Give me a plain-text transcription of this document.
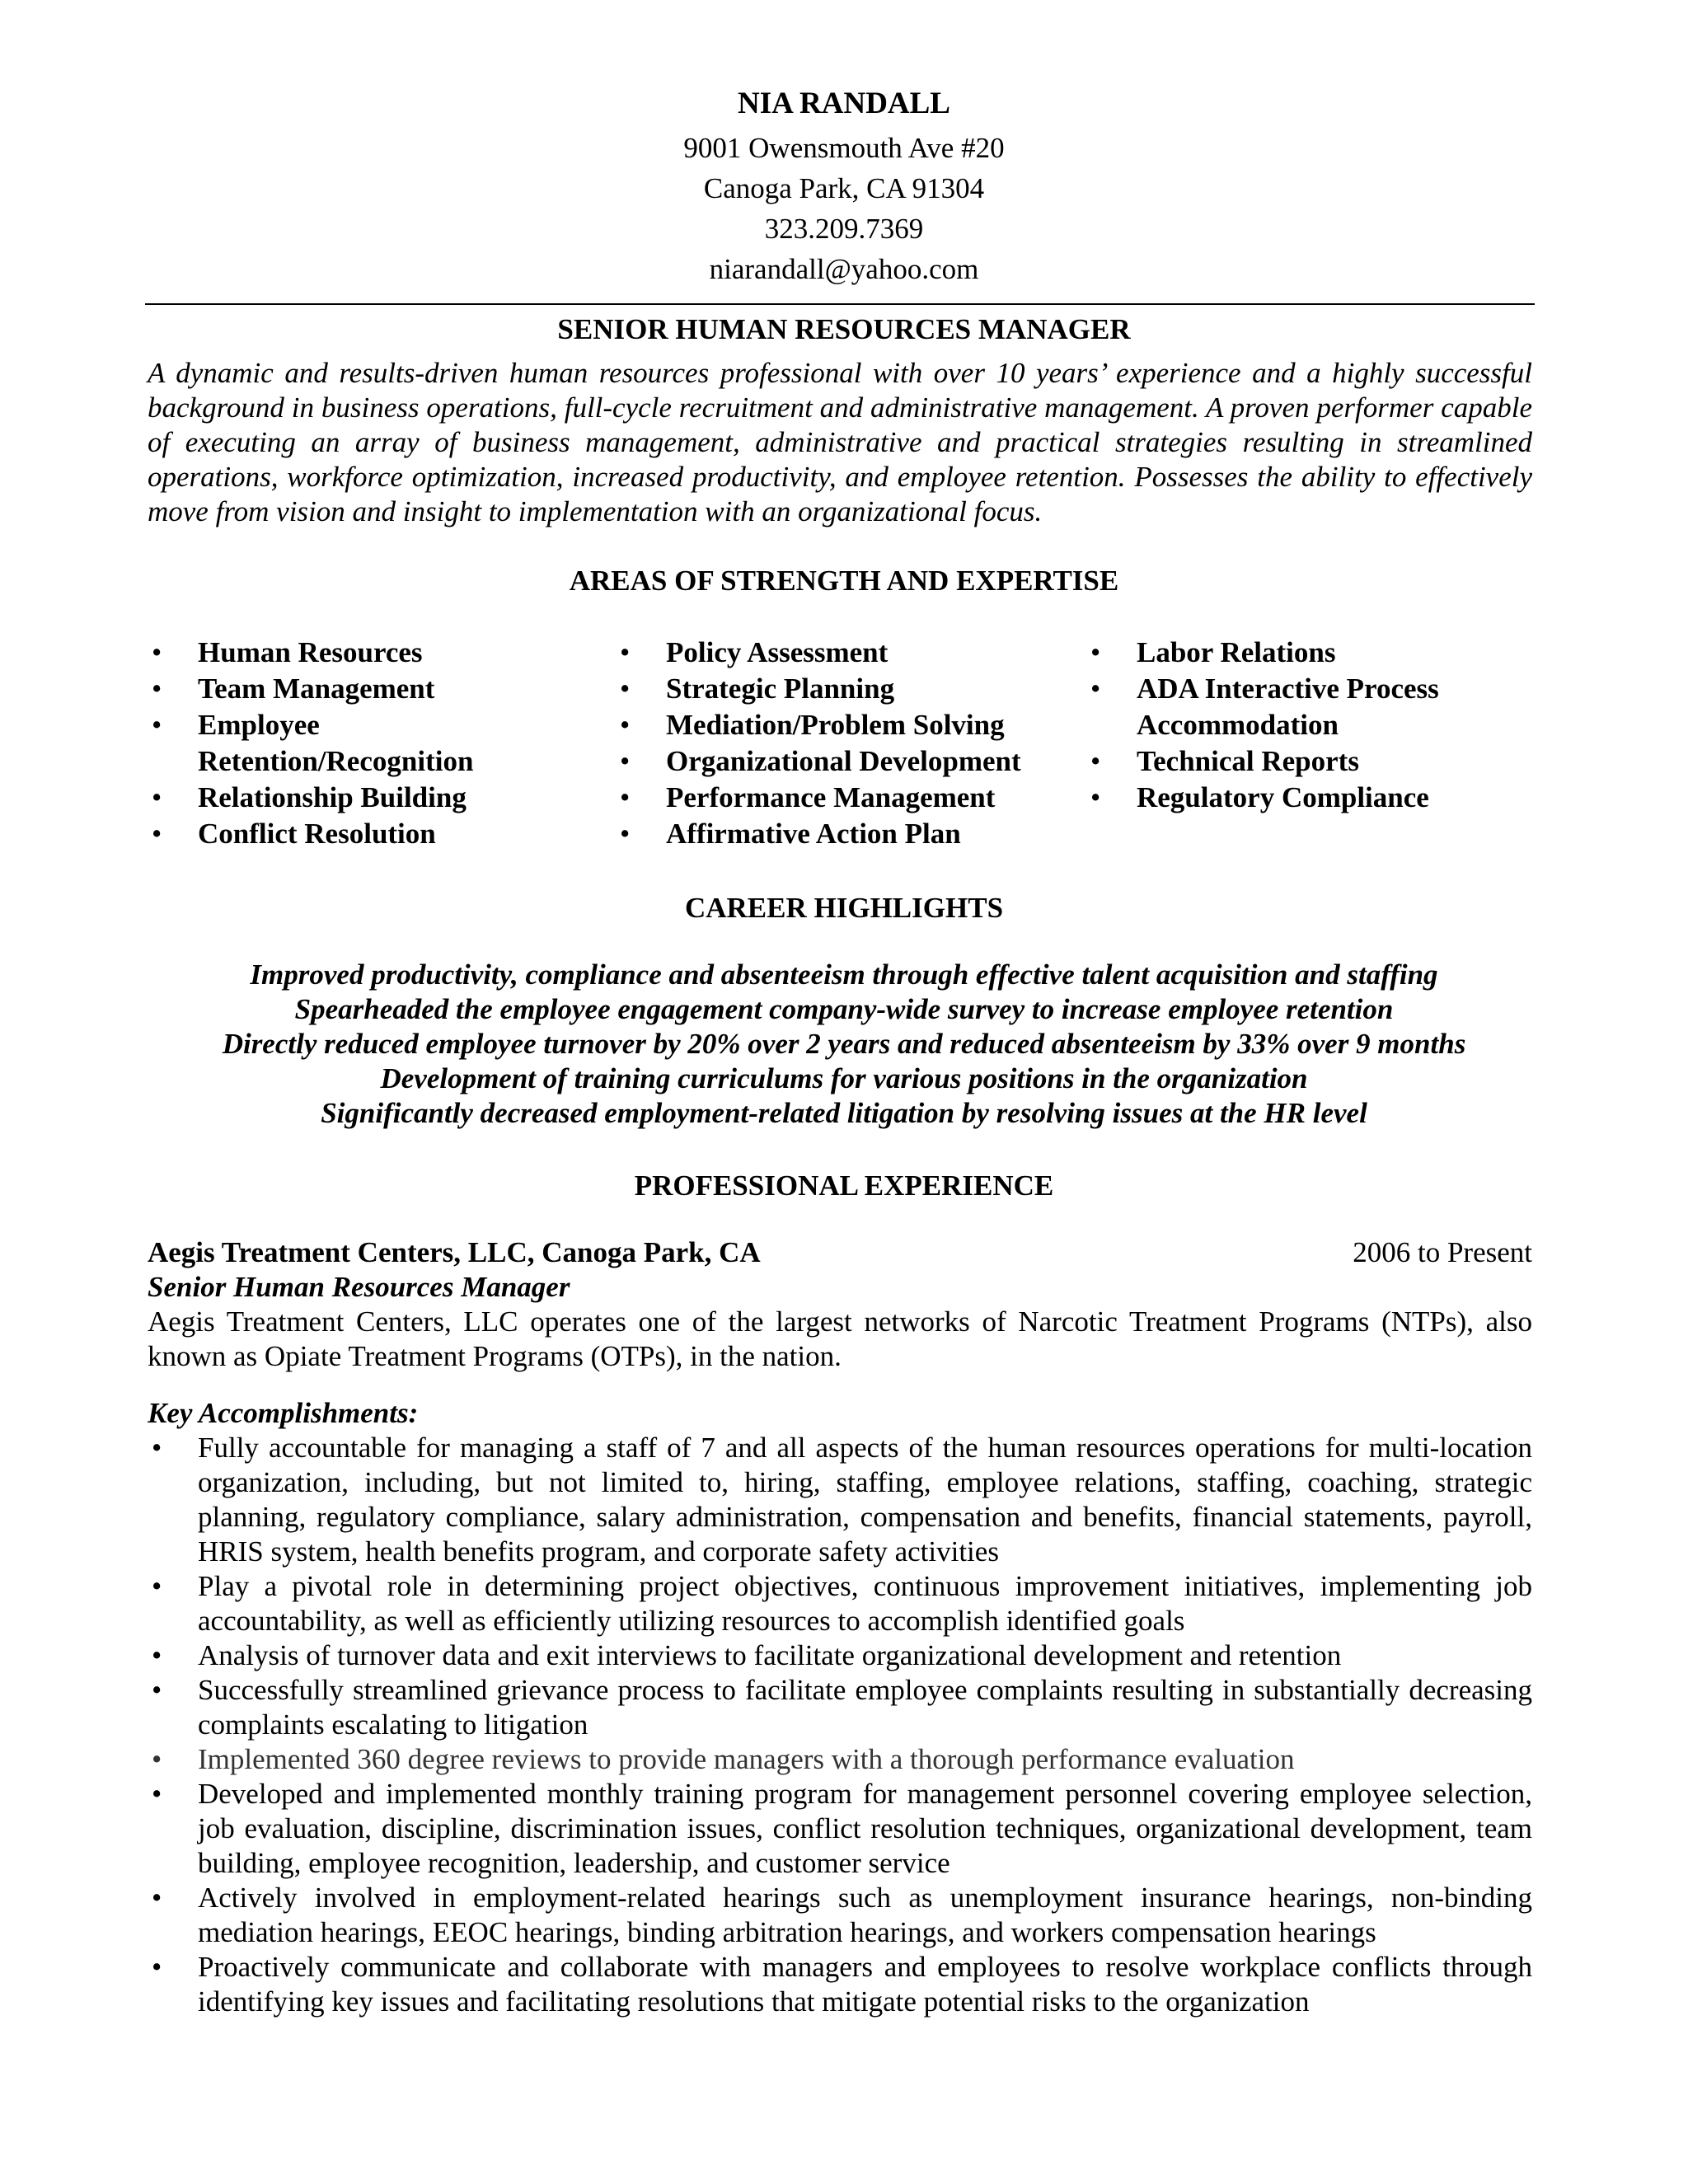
NIA RANDALL
9001 Owensmouth Ave #20
Canoga Park, CA 91304
323.209.7369
niarandall@yahoo.com
SENIOR HUMAN RESOURCES MANAGER
A dynamic and results-driven human resources professional with over 10 years’ experience and a highly successful background in business operations, full-cycle recruitment and administrative management. A proven performer capable of executing an array of business management, administrative and practical strategies resulting in streamlined operations, workforce optimization, increased productivity, and employee retention. Possesses the ability to effectively move from vision and insight to implementation with an organizational focus.
AREAS OF STRENGTH AND EXPERTISE
• Human Resources
• Team Management
• Employee Retention/Recognition
• Relationship Building
• Conflict Resolution
• Policy Assessment
• Strategic Planning
• Mediation/Problem Solving
• Organizational Development
• Performance Management
• Affirmative Action Plan
• Labor Relations
• ADA Interactive Process Accommodation
• Technical Reports
• Regulatory Compliance
CAREER HIGHLIGHTS
Improved productivity, compliance and absenteeism through effective talent acquisition and staffing
Spearheaded the employee engagement company-wide survey to increase employee retention
Directly reduced employee turnover by 20% over 2 years and reduced absenteeism by 33% over 9 months
Development of training curriculums for various positions in the organization
Significantly decreased employment-related litigation by resolving issues at the HR level
PROFESSIONAL EXPERIENCE
Aegis Treatment Centers, LLC, Canoga Park, CA	2006 to Present
Senior Human Resources Manager
Aegis Treatment Centers, LLC operates one of the largest networks of Narcotic Treatment Programs (NTPs), also known as Opiate Treatment Programs (OTPs), in the nation.
Key Accomplishments:
• Fully accountable for managing a staff of 7 and all aspects of the human resources operations for multi-location organization, including, but not limited to, hiring, staffing, employee relations, staffing, coaching, strategic planning, regulatory compliance, salary administration, compensation and benefits, financial statements, payroll, HRIS system, health benefits program, and corporate safety activities
• Play a pivotal role in determining project objectives, continuous improvement initiatives, implementing job accountability, as well as efficiently utilizing resources to accomplish identified goals
• Analysis of turnover data and exit interviews to facilitate organizational development and retention
• Successfully streamlined grievance process to facilitate employee complaints resulting in substantially decreasing complaints escalating to litigation
• Implemented 360 degree reviews to provide managers with a thorough performance evaluation
• Developed and implemented monthly training program for management personnel covering employee selection, job evaluation, discipline, discrimination issues, conflict resolution techniques, organizational development, team building, employee recognition, leadership, and customer service
• Actively involved in employment-related hearings such as unemployment insurance hearings, non-binding mediation hearings, EEOC hearings, binding arbitration hearings, and workers compensation hearings
• Proactively communicate and collaborate with managers and employees to resolve workplace conflicts through identifying key issues and facilitating resolutions that mitigate potential risks to the organization
